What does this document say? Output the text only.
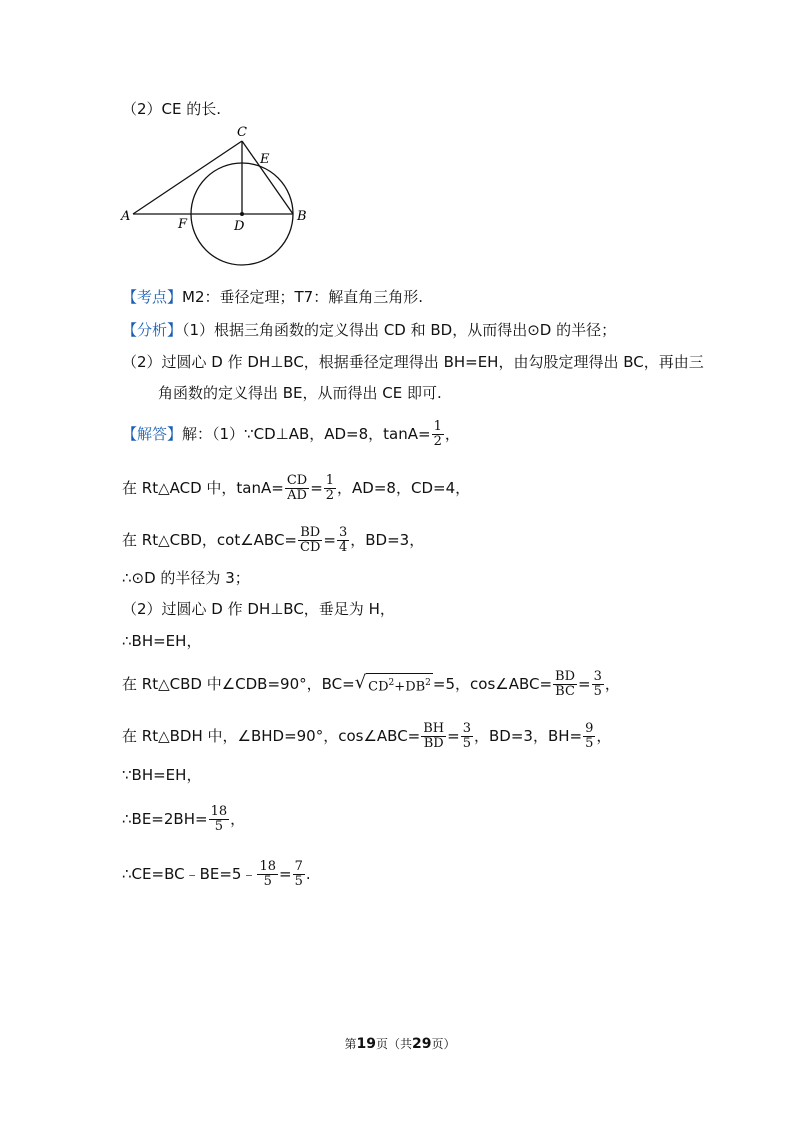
（2）CE 的长.
C
E
A
F	D
B
【考点】M2：垂径定理；T7：解直角三角形.
【分析】（1）根据三角函数的定义得出 CD 和 BD，从而得出⊙D 的半径；
（2）过圆心 D 作 DH⊥BC，根据垂径定理得出 BH=EH，由勾股定理得出 BC，再由三
角函数的定义得出 BE，从而得出 CE 即可.
【解答】解：（1）∵CD⊥AB，AD=8，$\tan A= \frac{1}{2}$ ，
在 Rt△ACD 中，$\tan A= \frac{CD}{AD} = \frac{1}{2}$ ，AD=8，CD=4，
在 Rt△CBD，cot∠ABC= $\frac{BD}{CD} = \frac{3}{4}$ ，BD=3，
∴⊙D 的半径为 3；
（2）过圆心 D 作 DH⊥BC，垂足为 H，
∴BH=EH，
在 Rt△CBD 中∠CDB=90°，BC= √ $CD^2+DB^2 =5$，cos∠ABC= $\frac{BD}{BC} = \frac{3}{5}$ ，
在 Rt△BDH 中，∠BHD=90°，cos∠ABC= $\frac{BH}{BD} = \frac{3}{5}$ ，BD=3，$BH= \frac{9}{5}$ ，
∵BH=EH，
∴BE=2BH= $\frac{18}{5}$ ，
∴CE=BC﹣BE=5﹣ $\frac{18}{5} = \frac{7}{5}$ .
第19页（共29页）
